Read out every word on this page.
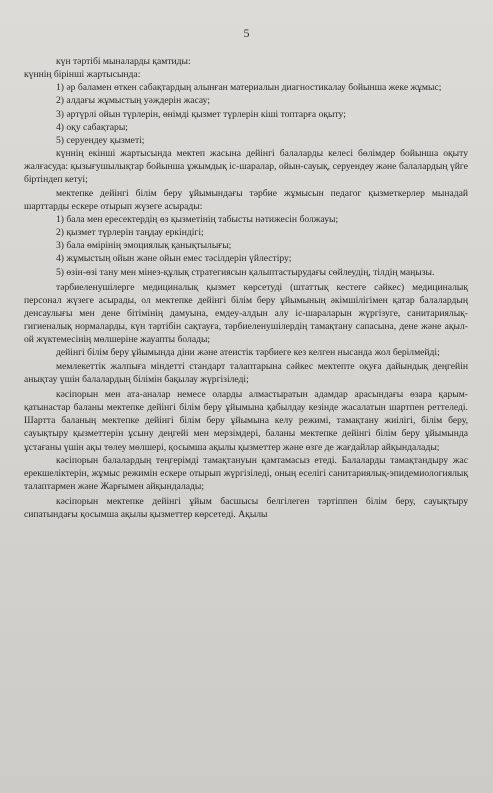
5

күн тәртібі мыналарды қамтиды:

күннің бірінші жартысында:

1) әр баламен өткен сабақтардың алынған материалын диагностикалау бойынша жеке жұмыс;

2) алдағы жұмыстың уәждерін жасау;

3) әртүрлі ойын түрлерін, өнімді қызмет түрлерін кіші топтарға оқыту;

4) оқу сабақтары;

5) серуендеу қызметі;

күннің екінші жартысында мектеп жасына дейінгі балаларды келесі бөлімдер бойынша оқыту жалғасуда: қызығушылықтар бойынша ұжымдық іс-шаралар, ойын-сауық, серуендеу және балалардың үйге біртіндеп кетуі;

мектепке дейінгі білім беру ұйымындағы тәрбие жұмысын педагог қызметкерлер мынадай шарттарды ескере отырып жүзеге асырады:

1) бала мен ересектердің өз қызметінің табысты нәтижесін болжауы;

2) қызмет түрлерін таңдау еркіндігі;

3) бала өмірінің эмоциялық қанықтылығы;

4) жұмыстың ойын және ойын емес тәсілдерін үйлестіру;

5) өзін-өзі тану мен мінез-құлық стратегиясын қалыптастырудағы сөйлеудің, тілдің маңызы.

тәрбиеленушілерге медициналық қызмет көрсетуді (штаттық кестеге сәйкес) медициналық персонал жүзеге асырады, ол мектепке дейінгі білім беру ұйымының әкімшілігімен қатар балалардың денсаулығы мен дене бітімінің дамуына, емдеу-алдын алу іс-шараларын жүргізуге, санитариялық-гигиеналық нормаларды, күн тәртібін сақтауға, тәрбиеленушілердің тамақтану сапасына, дене және ақыл-ой жүктемесінің мөлшеріне жауапты болады;

дейінгі білім беру ұйымында діни және атеистік тәрбиеге кез келген нысанда жол берілмейді;

мемлекеттік жалпыға міндетті стандарт талаптарына сәйкес мектепте оқуға дайындық деңгейін анықтау үшін балалардың білімін бақылау жүргізіледі;

кәсіпорын мен ата-аналар немесе оларды алмастыратын адамдар арасындағы өзара қарым-қатынастар баланы мектепке дейінгі білім беру ұйымына қабылдау кезінде жасалатын шартпен реттеледі. Шартта баланың мектепке дейінгі білім беру ұйымына келу режимі, тамақтану жиілігі, білім беру, сауықтыру қызметтерін ұсыну деңгейі мен мерзімдері, баланы мектепке дейінгі білім беру ұйымында ұстағаны үшін ақы төлеу мөлшері, қосымша ақылы қызметтер және өзге де жағдайлар айқындалады;

кәсіпорын балалардың теңгерімді тамақтануын қамтамасыз етеді. Балаларды тамақтандыру жас ерекшеліктерін, жұмыс режимін ескере отырып жүргізіледі, оның еселігі санитариялық-эпидемиологиялық талаптармен және Жарғымен айқындалады;

кәсіпорын мектепке дейінгі ұйым басшысы белгілеген тәртіппен білім беру, сауықтыру сипатындағы қосымша ақылы қызметтер көрсетеді. Ақылы
